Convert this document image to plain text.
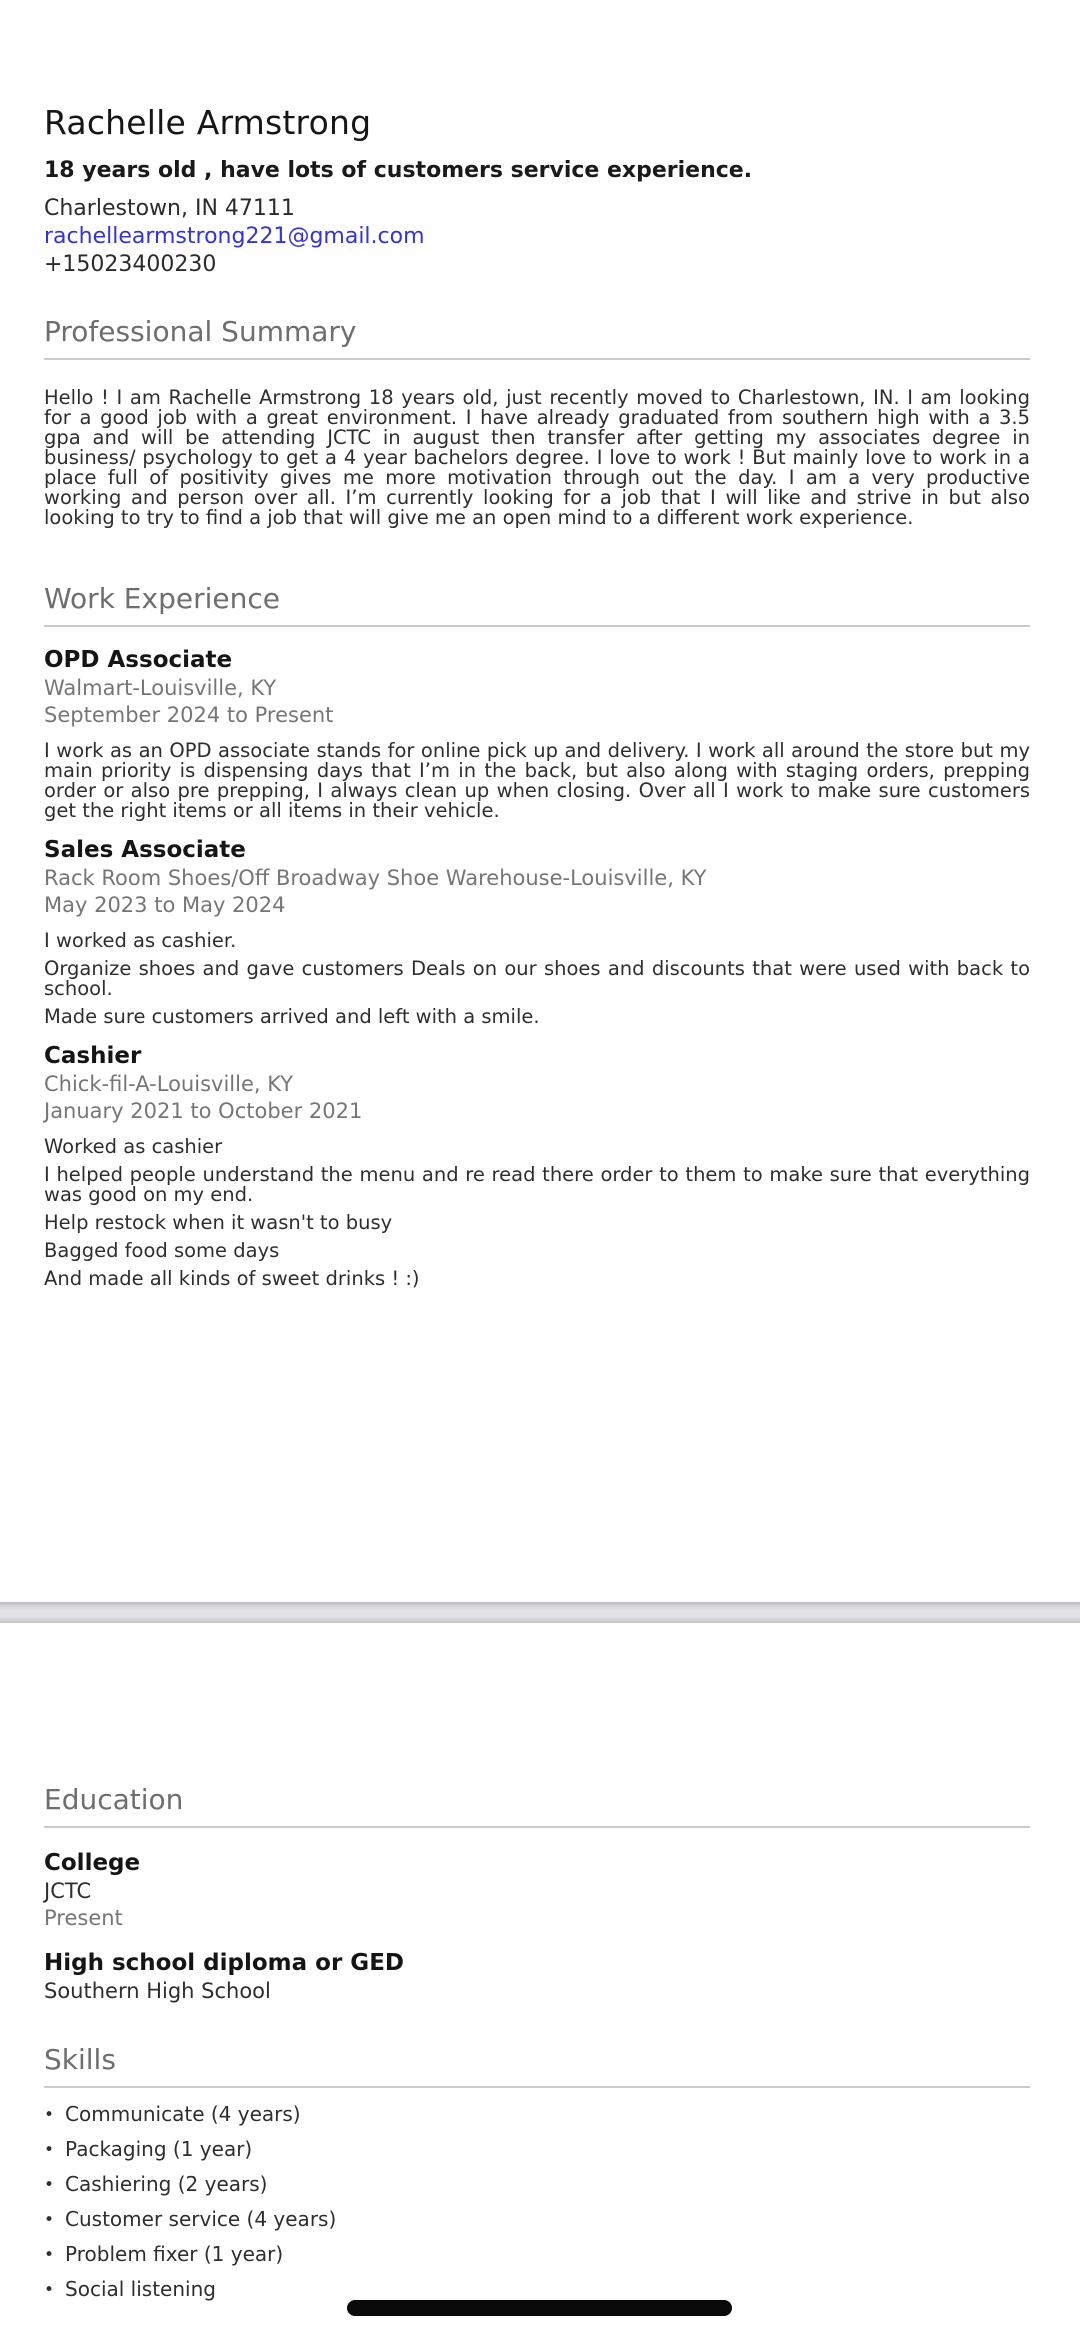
Rachelle Armstrong
18 years old , have lots of customers service experience.
Charlestown, IN 47111
rachellearmstrong221@gmail.com
+15023400230
Professional Summary

Hello ! I am Rachelle Armstrong 18 years old, just recently moved to Charlestown, IN. I am looking for a good job with a great environment. I have already graduated from southern high with a 3.5 gpa and will be attending JCTC in august then transfer after getting my associates degree in business/ psychology to get a 4 year bachelors degree. I love to work ! But mainly love to work in a place full of positivity gives me more motivation through out the day. I am a very productive working and person over all. I’m currently looking for a job that I will like and strive in but also looking to try to find a job that will give me an open mind to a different work experience.

Work Experience
OPD Associate
Walmart-Louisville, KY
September 2024 to Present

I work as an OPD associate stands for online pick up and delivery. I work all around the store but my main priority is dispensing days that I’m in the back, but also along with staging orders, prepping order or also pre prepping, I always clean up when closing. Over all I work to make sure customers get the right items or all items in their vehicle.

Sales Associate
Rack Room Shoes/Off Broadway Shoe Warehouse-Louisville, KY
May 2023 to May 2024

I worked as cashier.

Organize shoes and gave customers Deals on our shoes and discounts that were used with back to school.

Made sure customers arrived and left with a smile.

Cashier
Chick-fil-A-Louisville, KY
January 2021 to October 2021

Worked as cashier

I helped people understand the menu and re read there order to them to make sure that everything was good on my end.

Help restock when it wasn't to busy

Bagged food some days

And made all kinds of sweet drinks ! :)

Education
College
JCTC
Present
High school diploma or GED
Southern High School
Skills
• Communicate (4 years)
• Packaging (1 year)
• Cashiering (2 years)
• Customer service (4 years)
• Problem fixer (1 year)
• Social listening
